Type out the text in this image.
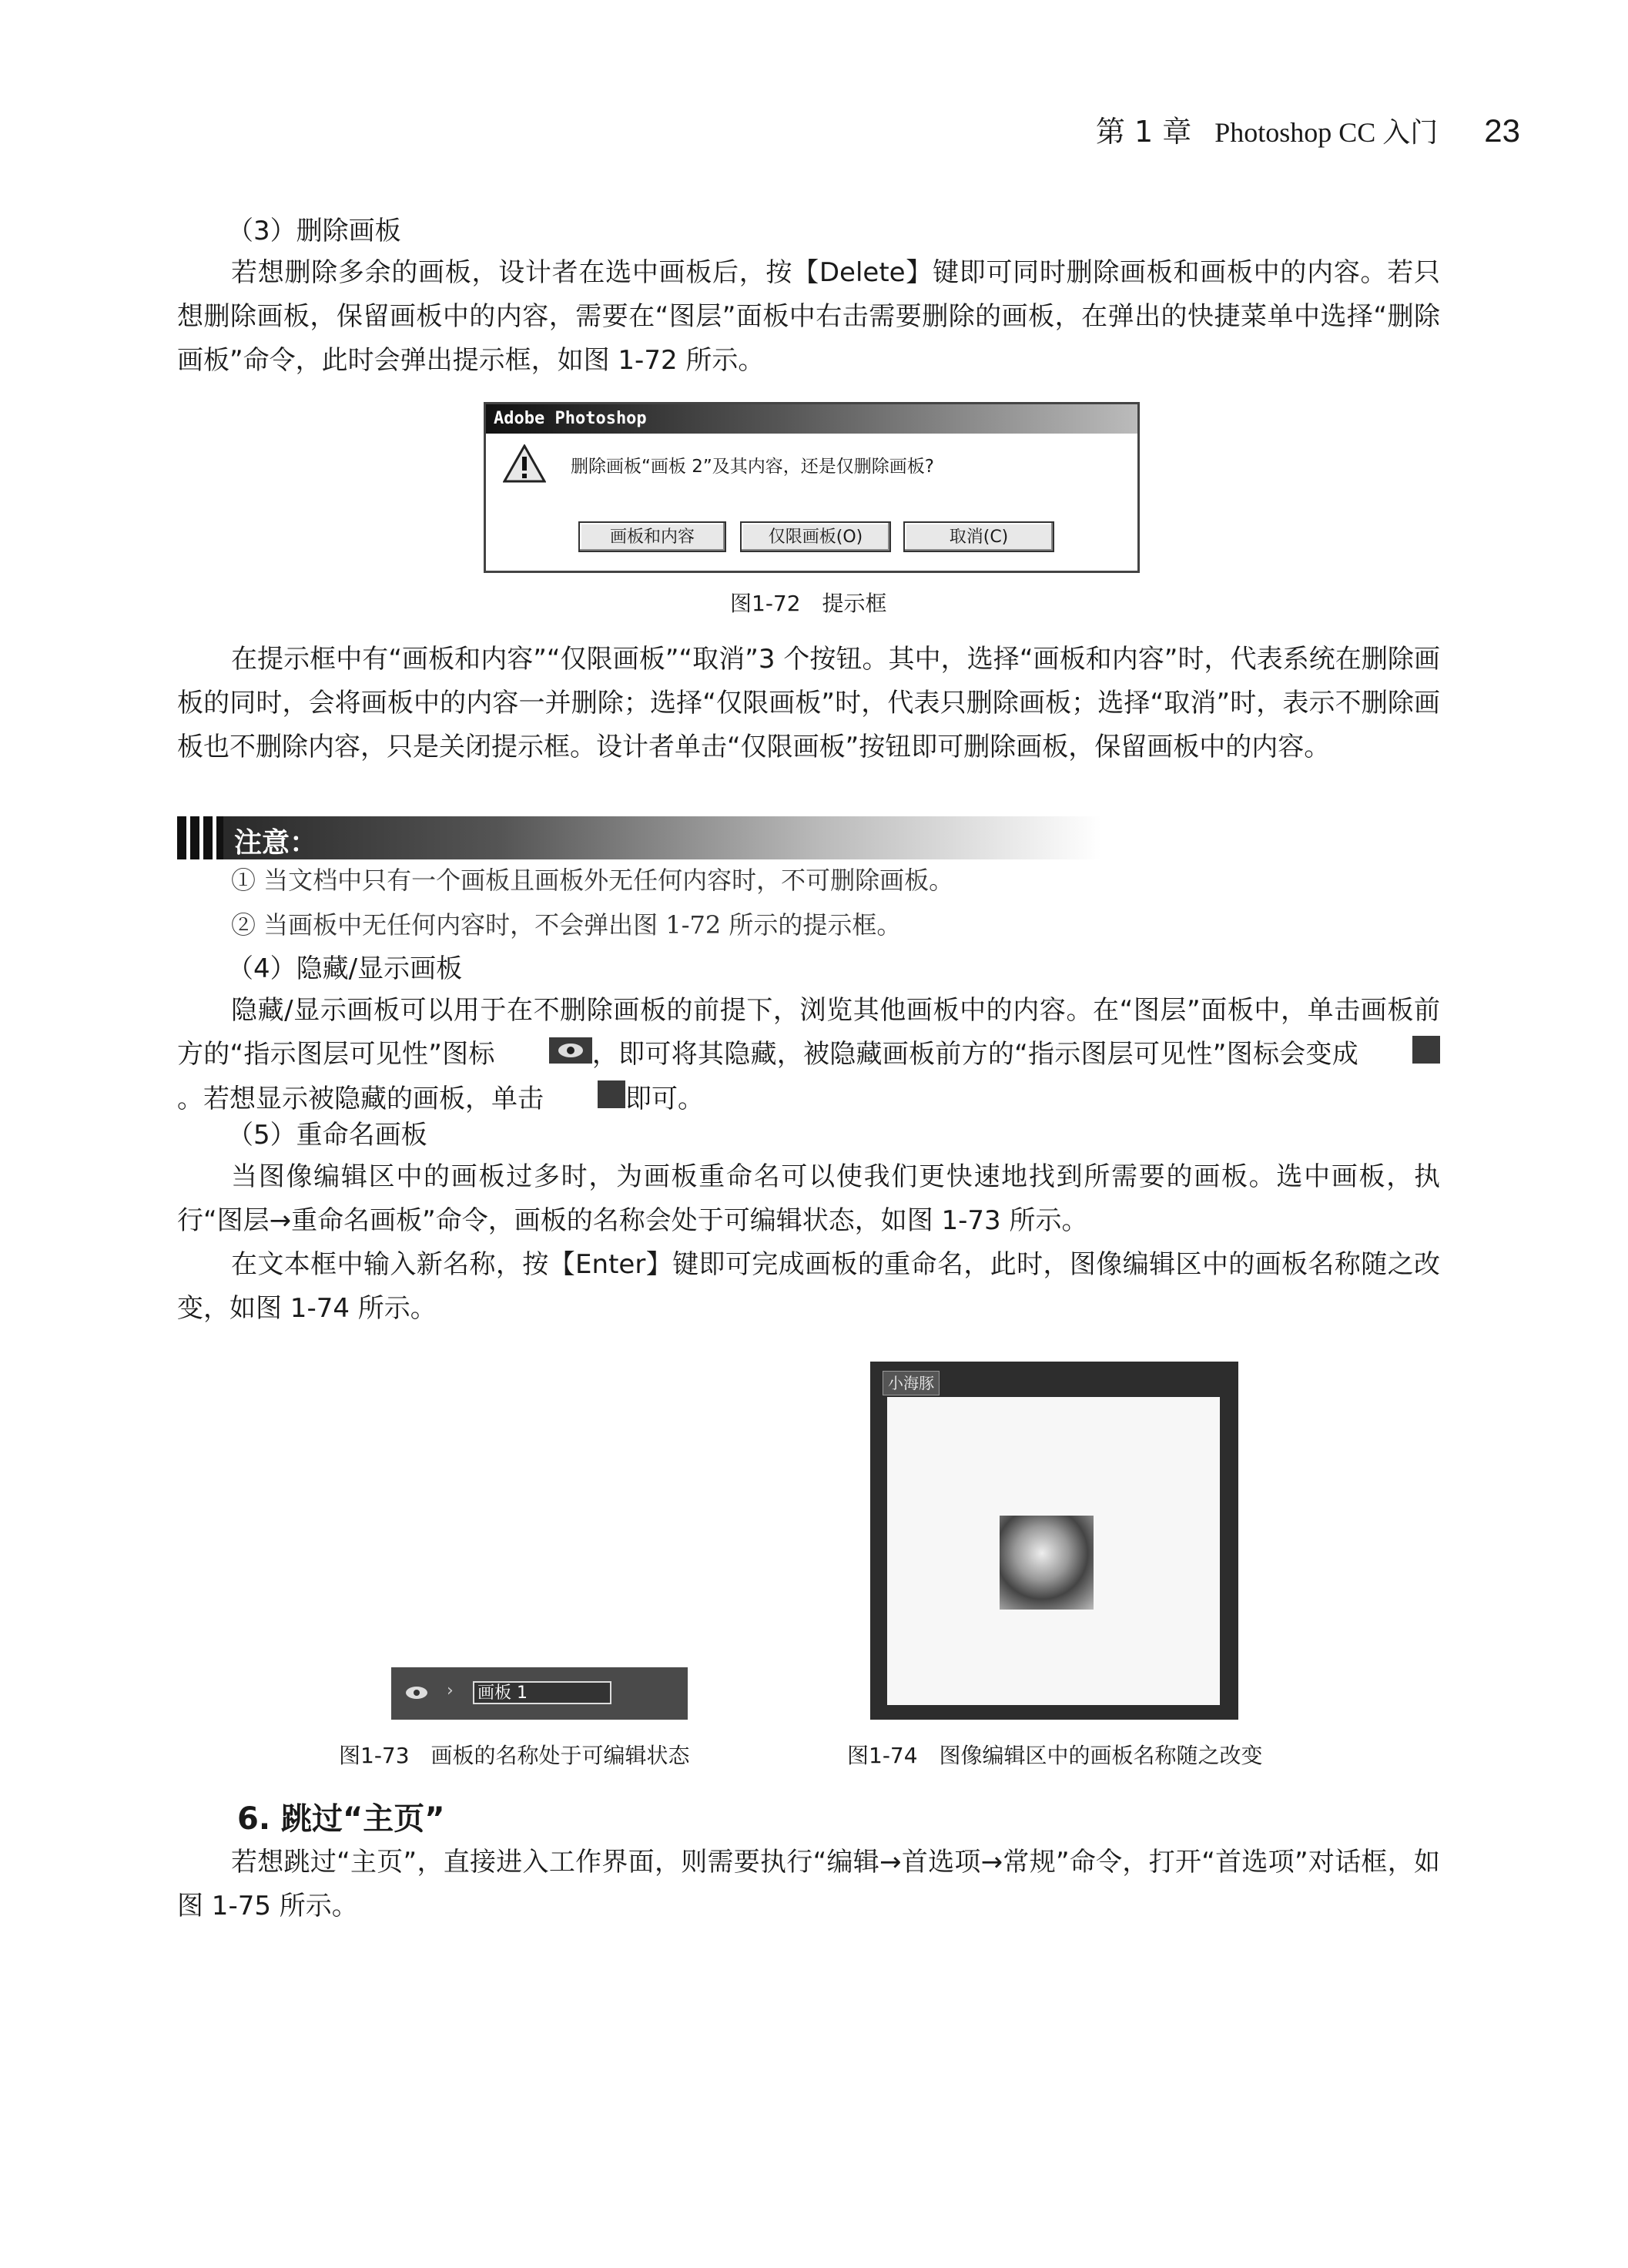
第 1 章 Photoshop CC 入门 23
（3）删除画板
若想删除多余的画板，设计者在选中画板后，按【Delete】键即可同时删除画板和画板中的内容。若只想删除画板，保留画板中的内容，需要在“图层”面板中右击需要删除的画板，在弹出的快捷菜单中选择“删除画板”命令，此时会弹出提示框，如图 1-72 所示。
Adobe Photoshop
删除画板“画板 2”及其内容，还是仅删除画板?
画板和内容	仅限画板(O)	取消(C)
图1-72　提示框
在提示框中有“画板和内容”“仅限画板”“取消”3 个按钮。其中，选择“画板和内容”时，代表系统在删除画板的同时，会将画板中的内容一并删除；选择“仅限画板”时，代表只删除画板；选择“取消”时，表示不删除画板也不删除内容，只是关闭提示框。设计者单击“仅限画板”按钮即可删除画板，保留画板中的内容。
注意：
① 当文档中只有一个画板且画板外无任何内容时，不可删除画板。
② 当画板中无任何内容时，不会弹出图 1-72 所示的提示框。
（4）隐藏/显示画板
隐藏/显示画板可以用于在不删除画板的前提下，浏览其他画板中的内容。在“图层”面板中，单击画板前方的“指示图层可见性”图标	，即可将其隐藏，被隐藏画板前方的“指示图层可见性”图标会变成。若想显示被隐藏的画板，单击	即可。
（5）重命名画板
当图像编辑区中的画板过多时，为画板重命名可以使我们更快速地找到所需要的画板。选中画板，执行“图层→重命名画板”命令，画板的名称会处于可编辑状态，如图 1-73 所示。
在文本框中输入新名称，按【Enter】键即可完成画板的重命名，此时，图像编辑区中的画板名称随之改变，如图 1-74 所示。
› 画板 1
图1-73　画板的名称处于可编辑状态
小海豚
图1-74　图像编辑区中的画板名称随之改变
6. 跳过“主页”
若想跳过“主页”，直接进入工作界面，则需要执行“编辑→首选项→常规”命令，打开“首选项”对话框，如图 1-75 所示。
